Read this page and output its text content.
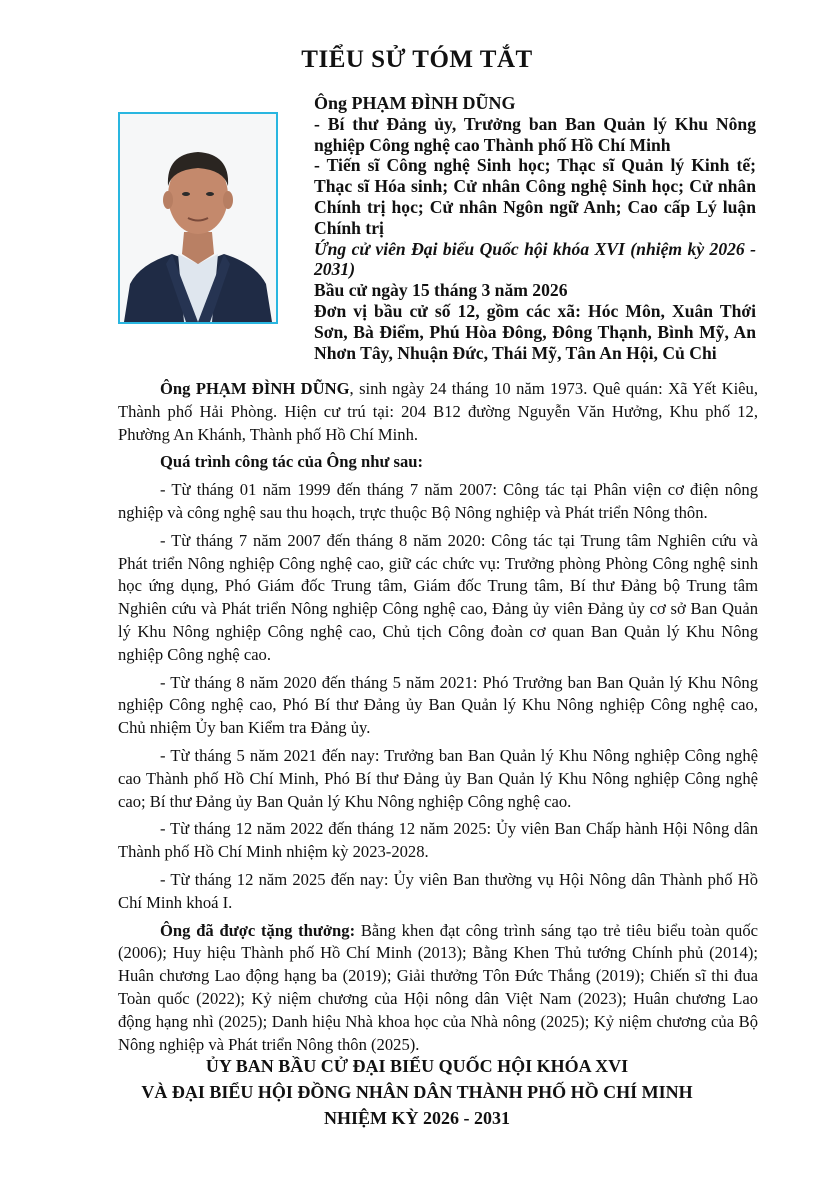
TIỂU SỬ TÓM TẮT
Ông PHẠM ĐÌNH DŨNG
- Bí thư Đảng ủy, Trưởng ban Ban Quản lý Khu Nông nghiệp Công nghệ cao Thành phố Hồ Chí Minh
- Tiến sĩ Công nghệ Sinh học; Thạc sĩ Quản lý Kinh tế; Thạc sĩ Hóa sinh; Cử nhân Công nghệ Sinh học; Cử nhân Chính trị học; Cử nhân Ngôn ngữ Anh; Cao cấp Lý luận Chính trị
Ứng cử viên Đại biểu Quốc hội khóa XVI (nhiệm kỳ 2026 - 2031)
Bầu cử ngày 15 tháng 3 năm 2026
Đơn vị bầu cử số 12, gồm các xã: Hóc Môn, Xuân Thới Sơn, Bà Điểm, Phú Hòa Đông, Đông Thạnh, Bình Mỹ, An Nhơn Tây, Nhuận Đức, Thái Mỹ, Tân An Hội, Củ Chi

Ông PHẠM ĐÌNH DŨNG, sinh ngày 24 tháng 10 năm 1973. Quê quán: Xã Yết Kiêu, Thành phố Hải Phòng. Hiện cư trú tại: 204 B12 đường Nguyễn Văn Hưởng, Khu phố 12, Phường An Khánh, Thành phố Hồ Chí Minh.

Quá trình công tác của Ông như sau:

- Từ tháng 01 năm 1999 đến tháng 7 năm 2007: Công tác tại Phân viện cơ điện nông nghiệp và công nghệ sau thu hoạch, trực thuộc Bộ Nông nghiệp và Phát triển Nông thôn.

- Từ tháng 7 năm 2007 đến tháng 8 năm 2020: Công tác tại Trung tâm Nghiên cứu và Phát triển Nông nghiệp Công nghệ cao, giữ các chức vụ: Trưởng phòng Phòng Công nghệ sinh học ứng dụng, Phó Giám đốc Trung tâm, Giám đốc Trung tâm, Bí thư Đảng bộ Trung tâm Nghiên cứu và Phát triển Nông nghiệp Công nghệ cao, Đảng ủy viên Đảng ủy cơ sở Ban Quản lý Khu Nông nghiệp Công nghệ cao, Chủ tịch Công đoàn cơ quan Ban Quản lý Khu Nông nghiệp Công nghệ cao.

- Từ tháng 8 năm 2020 đến tháng 5 năm 2021: Phó Trưởng ban Ban Quản lý Khu Nông nghiệp Công nghệ cao, Phó Bí thư Đảng ủy Ban Quản lý Khu Nông nghiệp Công nghệ cao, Chủ nhiệm Ủy ban Kiểm tra Đảng ủy.

- Từ tháng 5 năm 2021 đến nay: Trưởng ban Ban Quản lý Khu Nông nghiệp Công nghệ cao Thành phố Hồ Chí Minh, Phó Bí thư Đảng ủy Ban Quản lý Khu Nông nghiệp Công nghệ cao; Bí thư Đảng ủy Ban Quản lý Khu Nông nghiệp Công nghệ cao.

- Từ tháng 12 năm 2022 đến tháng 12 năm 2025: Ủy viên Ban Chấp hành Hội Nông dân Thành phố Hồ Chí Minh nhiệm kỳ 2023-2028.

- Từ tháng 12 năm 2025 đến nay: Ủy viên Ban thường vụ Hội Nông dân Thành phố Hồ Chí Minh khoá I.

Ông đã được tặng thưởng: Bằng khen đạt công trình sáng tạo trẻ tiêu biểu toàn quốc (2006); Huy hiệu Thành phố Hồ Chí Minh (2013); Bằng Khen Thủ tướng Chính phủ (2014); Huân chương Lao động hạng ba (2019); Giải thưởng Tôn Đức Thắng (2019); Chiến sĩ thi đua Toàn quốc (2022); Kỷ niệm chương của Hội nông dân Việt Nam (2023); Huân chương Lao động hạng nhì (2025); Danh hiệu Nhà khoa học của Nhà nông (2025); Kỷ niệm chương của Bộ Nông nghiệp và Phát triển Nông thôn (2025).

ỦY BAN BẦU CỬ ĐẠI BIỂU QUỐC HỘI KHÓA XVI
VÀ ĐẠI BIỂU HỘI ĐỒNG NHÂN DÂN THÀNH PHỐ HỒ CHÍ MINH
NHIỆM KỲ 2026 - 2031
